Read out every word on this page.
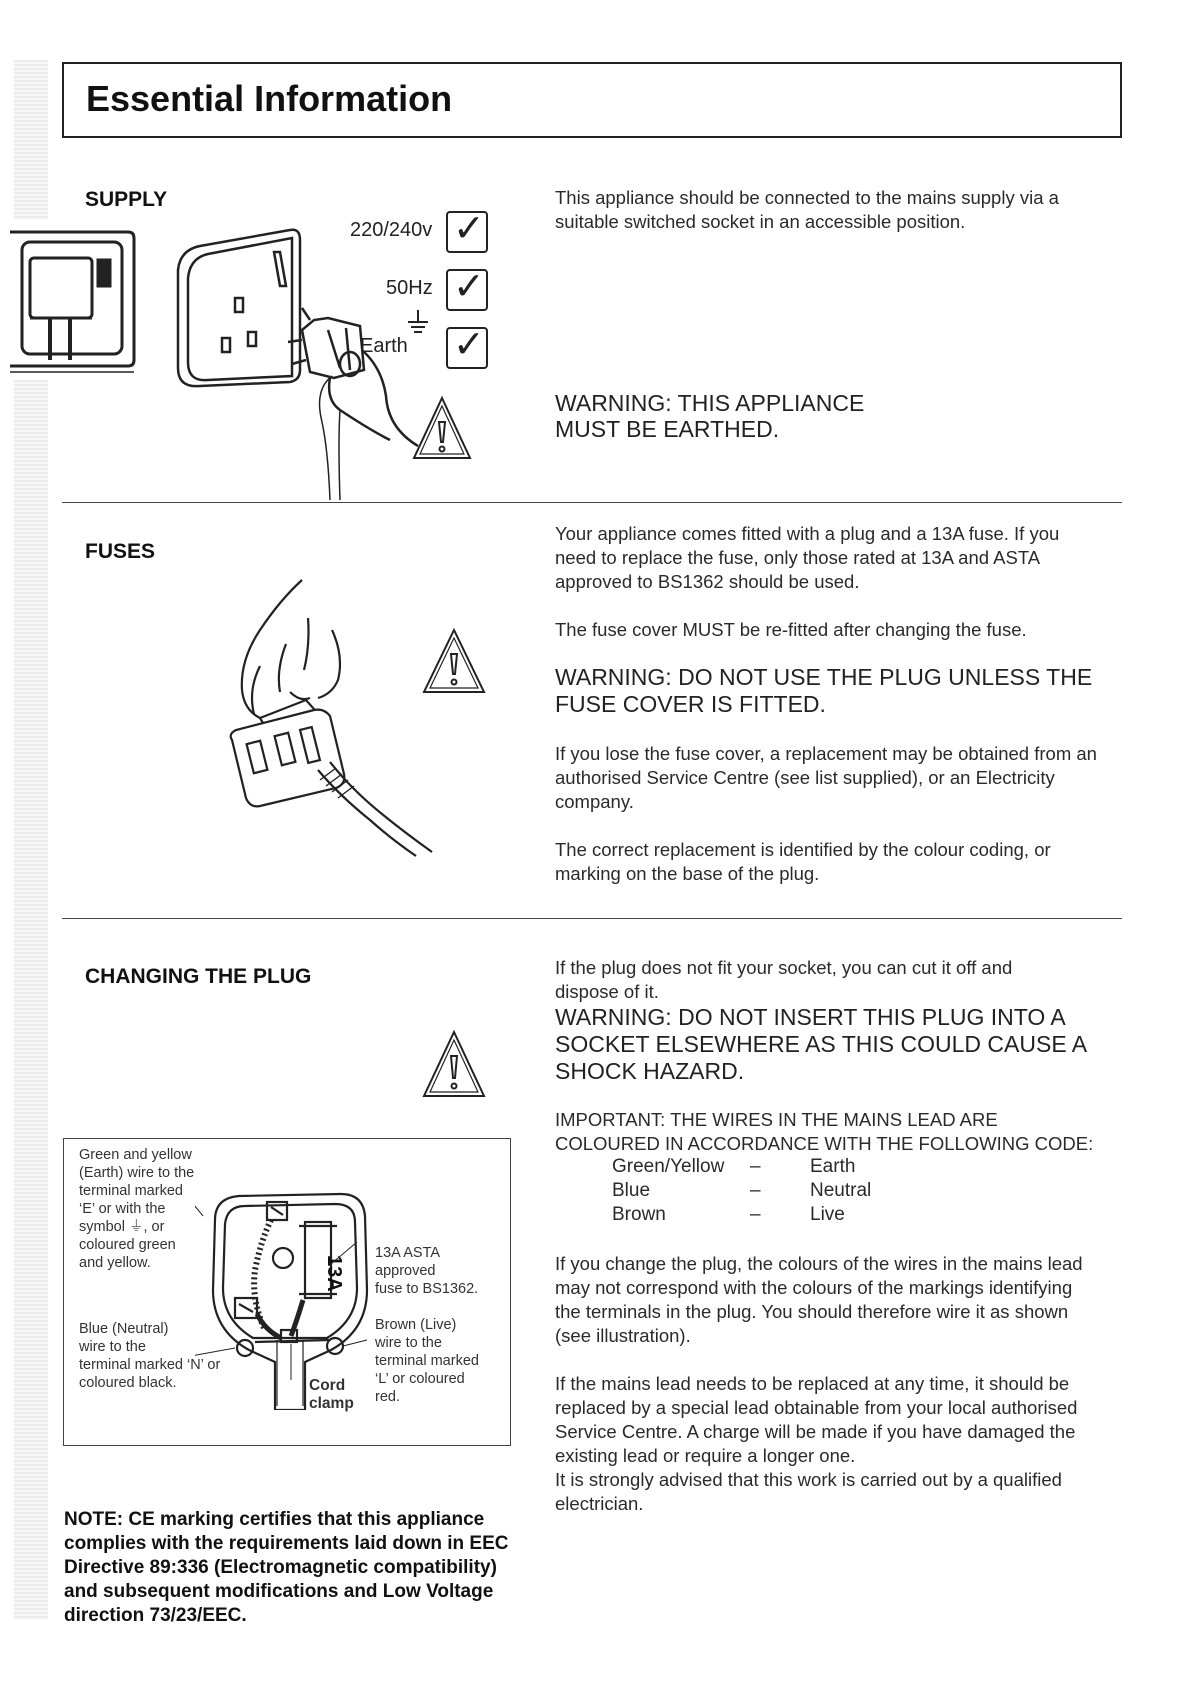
Essential Information
SUPPLY
220/240v ✓
50Hz ✓
Earth ✓

This appliance should be connected to the mains supply via a suitable switched socket in an accessible position.

WARNING: THIS APPLIANCE
MUST BE EARTHED.
FUSES

Your appliance comes fitted with a plug and a 13A fuse. If you need to replace the fuse, only those rated at 13A and ASTA approved to BS1362 should be used.

The fuse cover MUST be re-fitted after changing the fuse.

WARNING: DO NOT USE THE PLUG UNLESS THE FUSE COVER IS FITTED.

If you lose the fuse cover, a replacement may be obtained from an authorised Service Centre (see list supplied), or an Electricity company.

The correct replacement is identified by the colour coding, or marking on the base of the plug.

CHANGING THE PLUG
13A
Green and yellow
(Earth) wire to the
terminal marked
‘E’ or with the
symbol ⏚, or
coloured green
and yellow.
13A ASTA
approved
fuse to BS1362.
Blue (Neutral)
wire to the
terminal marked ‘N’ or
coloured black.
Brown (Live)
wire to the
terminal marked
‘L’ or coloured
red.
Cord
clamp

If the plug does not fit your socket, you can cut it off and dispose of it.

WARNING: DO NOT INSERT THIS PLUG INTO A SOCKET ELSEWHERE AS THIS COULD CAUSE A SHOCK HAZARD.

IMPORTANT: THE WIRES IN THE MAINS LEAD ARE
COLOURED IN ACCORDANCE WITH THE FOLLOWING CODE:
Green/Yellow –	Earth
Blue	–	Neutral
Brown	–	Live

If you change the plug, the colours of the wires in the mains lead may not correspond with the colours of the markings identifying the terminals in the plug. You should therefore wire it as shown (see illustration).

If the mains lead needs to be replaced at any time, it should be replaced by a special lead obtainable from your local authorised Service Centre. A charge will be made if you have damaged the existing lead or require a longer one.

It is strongly advised that this work is carried out by a qualified electrician.

NOTE: CE marking certifies that this appliance complies with the requirements laid down in EEC Directive 89:336 (Electromagnetic compatibility) and subsequent modifications and Low Voltage direction 73/23/EEC.
